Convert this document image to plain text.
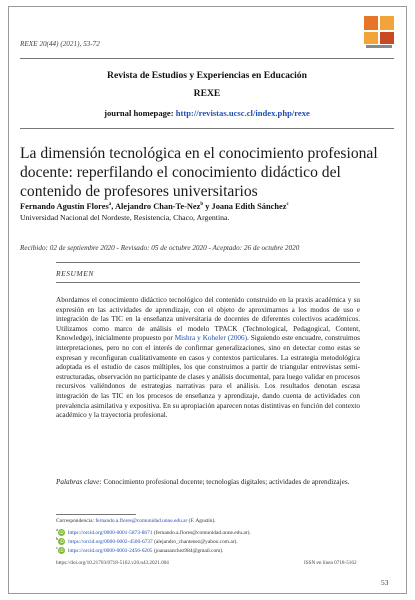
REXE 20(44) (2021), 53-72
Revista de Estudios y Experiencias en Educación
REXE
journal homepage: http://revistas.ucsc.cl/index.php/rexe
La dimensión tecnológica en el conocimiento profesional docente: reperfilando el conocimiento didáctico del contenido de profesores universitarios
Fernando Agustín Flores$^a$, Alejandro Chan-Te-Nez$^b$ y Joana Edith Sánchez$^c$
Universidad Nacional del Nordeste, Resistencia, Chaco, Argentina.
Recibido: 02 de septiembre 2020 - Revisado: 05 de octubre 2020 - Aceptado: 26 de octubre 2020
RESUMEN

Abordamos el conocimiento didáctico tecnológico del contenido construido en la praxis académica y su expresión en las actividades de aprendizaje, con el objeto de aproximarnos a los modos de uso e integración de las TIC en la enseñanza universitaria de docentes de diferentes colectivos académicos. Utilizamos como marco de análisis el modelo TPACK (Technological, Pedagogical, Content, Knowledge), inicialmente propuesto por Mishra y Koheler (2006). Siguiendo este encuadre, construimos interpretaciones, pero no con el interés de confirmar generalizaciones, sino en detectar como estas se expresan y reconfiguran cualitativamente en casos y contextos particulares. La estrategia metodológica adoptada es el estudio de casos múltiples, los que construimos a partir de triangular entrevistas semi-estructuradas, observación no participante de clases y análisis documental, para luego validar en procesos recursivos valiéndonos de estrategias narrativas para el análisis. Los resultados denotan escasa integración de las TIC en los procesos de enseñanza y aprendizaje, dando cuenta de actividades con prevalencia asimilativa y expositiva. En su apropiación aparecen notas distintivas en función del contexto académico y la trayectoria profesional.

Palabras clave: Conocimiento profesional docente; tecnologías digitales; actividades de aprendizajes.
Correspondencia: fernando.a.flores@comunidad.unne.edu.ar (F. Agustín).
$^a$iD https://orcid.org/0000-0001-5873-8671 (fernando.a.flores@comunidad.unne.edu.ar).
$^b$iD https://orcid.org/0000-0002-4500-6737 (alejandro_chantenez@yahoo.com.ar).
$^c$iD https://orcid.org/0000-0003-2456-6205 (joanasanchez984@gmail.com).
https://doi.org/10.21703/0718-5162.v20.n43.2021.004	ISSN en línea 0718-5162
53
